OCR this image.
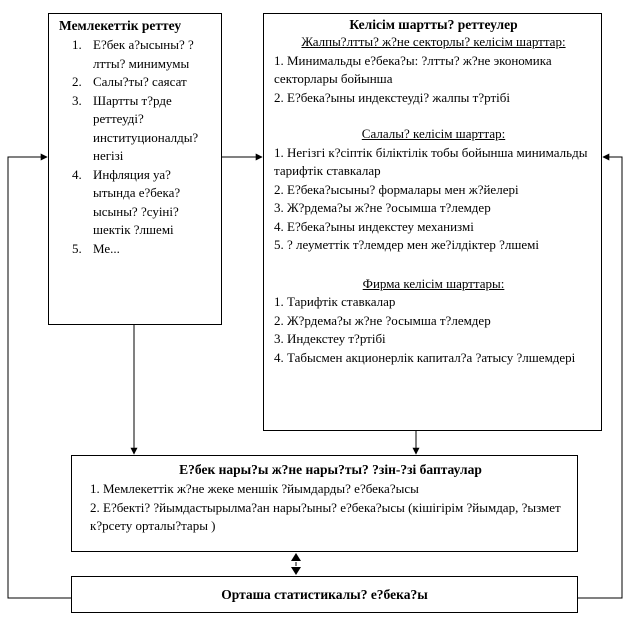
Мемлекеттік реттеу
1. Е?бек а?ысыны? ?лтты? минимумы
2. Салы?ты? саясат
3. Шартты т?рде реттеуді? институционалды? негізі
4. Инфляция уа?ытында е?бека?ысыны? ?суіні? шектік ?лшемі
5. Ме...
Келісім шартты? реттеулер
Жалпы?лтты? ж?не секторлы? келісім шарттар:
1. Минимальды е?бека?ы: ?лтты? ж?не экономика секторлары бойынша
2. Е?бека?ыны индекстеуді? жалпы т?ртібі
Салалы? келісім шарттар:
1. Негізгі к?сіптік біліктілік тобы бойынша минимальды тарифтік ставкалар
2. Е?бека?ысыны? формалары мен ж?йелері
3. Ж?рдема?ы ж?не ?осымша т?лемдер
4. Е?бека?ыны индекстеу механизмі
5. ? леуметтік т?лемдер мен же?ілдіктер ?лшемі
Фирма келісім шарттары:
1. Тарифтік ставкалар
2. Ж?рдема?ы ж?не ?осымша т?лемдер
3. Индекстеу т?ртібі
4. Табысмен акционерлік капитал?а ?атысу ?лшемдері
Е?бек нары?ы ж?не нары?ты? ?зін-?зі баптаулар
1. Мемлекеттік ж?не жеке меншік ?йымдарды? е?бека?ысы
2. Е?бекті? ?йымдастырылма?ан нары?ыны? е?бека?ысы (кішігірім ?йымдар, ?ызмет к?рсету орталы?тары )
Орташа статистикалы? е?бека?ы
